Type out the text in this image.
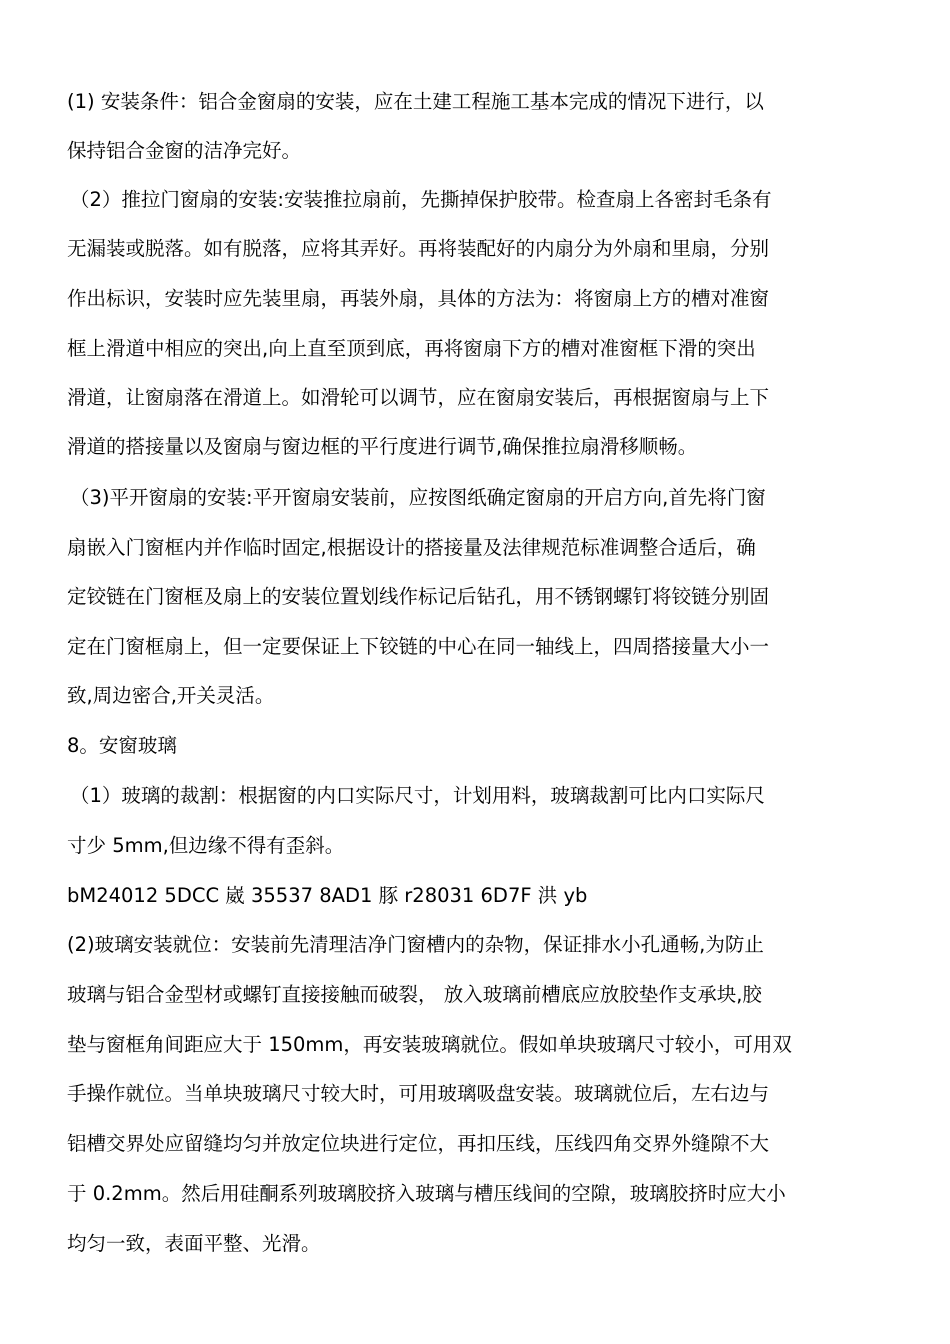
(1) 安装条件：铝合金窗扇的安装，应在土建工程施工基本完成的情况下进行，以
保持铝合金窗的洁净完好。
（2）推拉门窗扇的安装:安装推拉扇前，先撕掉保护胶带。检查扇上各密封毛条有
无漏装或脱落。如有脱落，应将其弄好。再将装配好的内扇分为外扇和里扇，分别
作出标识，安装时应先装里扇，再装外扇，具体的方法为：将窗扇上方的槽对准窗
框上滑道中相应的突出,向上直至顶到底，再将窗扇下方的槽对准窗框下滑的突出
滑道，让窗扇落在滑道上。如滑轮可以调节，应在窗扇安装后，再根据窗扇与上下
滑道的搭接量以及窗扇与窗边框的平行度进行调节,确保推拉扇滑移顺畅。
（3)平开窗扇的安装:平开窗扇安装前，应按图纸确定窗扇的开启方向,首先将门窗
扇嵌入门窗框内并作临时固定,根据设计的搭接量及法律规范标准调整合适后，确
定铰链在门窗框及扇上的安装位置划线作标记后钻孔，用不锈钢螺钉将铰链分别固
定在门窗框扇上，但一定要保证上下铰链的中心在同一轴线上，四周搭接量大小一
致,周边密合,开关灵活。
8。安窗玻璃
（1）玻璃的裁割：根据窗的内口实际尺寸，计划用料，玻璃裁割可比内口实际尺
寸少 5mm,但边缘不得有歪斜。
bM24012 5DCC 崴 35537 8AD1 豚 r28031 6D7F 洪 yb
(2)玻璃安装就位：安装前先清理洁净门窗槽内的杂物，保证排水小孔通畅,为防止
玻璃与铝合金型材或螺钉直接接触而破裂， 放入玻璃前槽底应放胶垫作支承块,胶
垫与窗框角间距应大于 150mm，再安装玻璃就位。假如单块玻璃尺寸较小，可用双
手操作就位。当单块玻璃尺寸较大时，可用玻璃吸盘安装。玻璃就位后，左右边与
铝槽交界处应留缝均匀并放定位块进行定位，再扣压线，压线四角交界外缝隙不大
于 0.2mm。然后用硅酮系列玻璃胶挤入玻璃与槽压线间的空隙，玻璃胶挤时应大小
均匀一致，表面平整、光滑。
